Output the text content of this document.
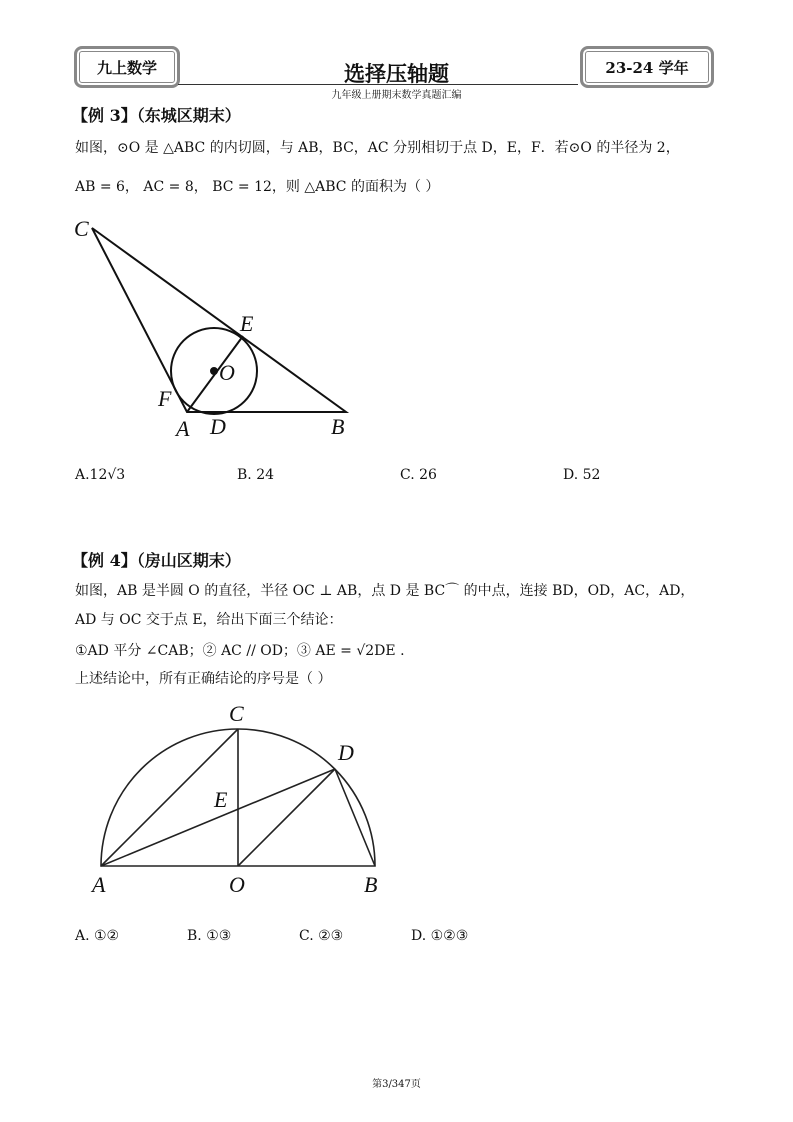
九上数学	选择压轴题	23-24 学年
九年级上册期末数学真题汇编
【例 3】（东城区期末）
如图，⊙O 是 △ABC 的内切圆，与 AB，BC，AC 分别相切于点 D，E，F．若⊙O 的半径为 2，
AB = 6， AC = 8， BC = 12，则 △ABC 的面积为（ ）
C
E
O
F
A D	B
C
D
E
A	O	B
A.12√3	B. 24	C. 26	D. 52
【例 4】（房山区期末）
如图，AB 是半圆 O 的直径，半径 OC ⊥ AB，点 D 是 BC⌒ 的中点，连接 BD，OD，AC，AD，
AD 与 OC 交于点 E，给出下面三个结论：
①AD 平分 ∠CAB；② AC // OD；③ AE = √2DE .
上述结论中，所有正确结论的序号是（ ）
A. ①②	B. ①③	C. ②③	D. ①②③
第3/347页
